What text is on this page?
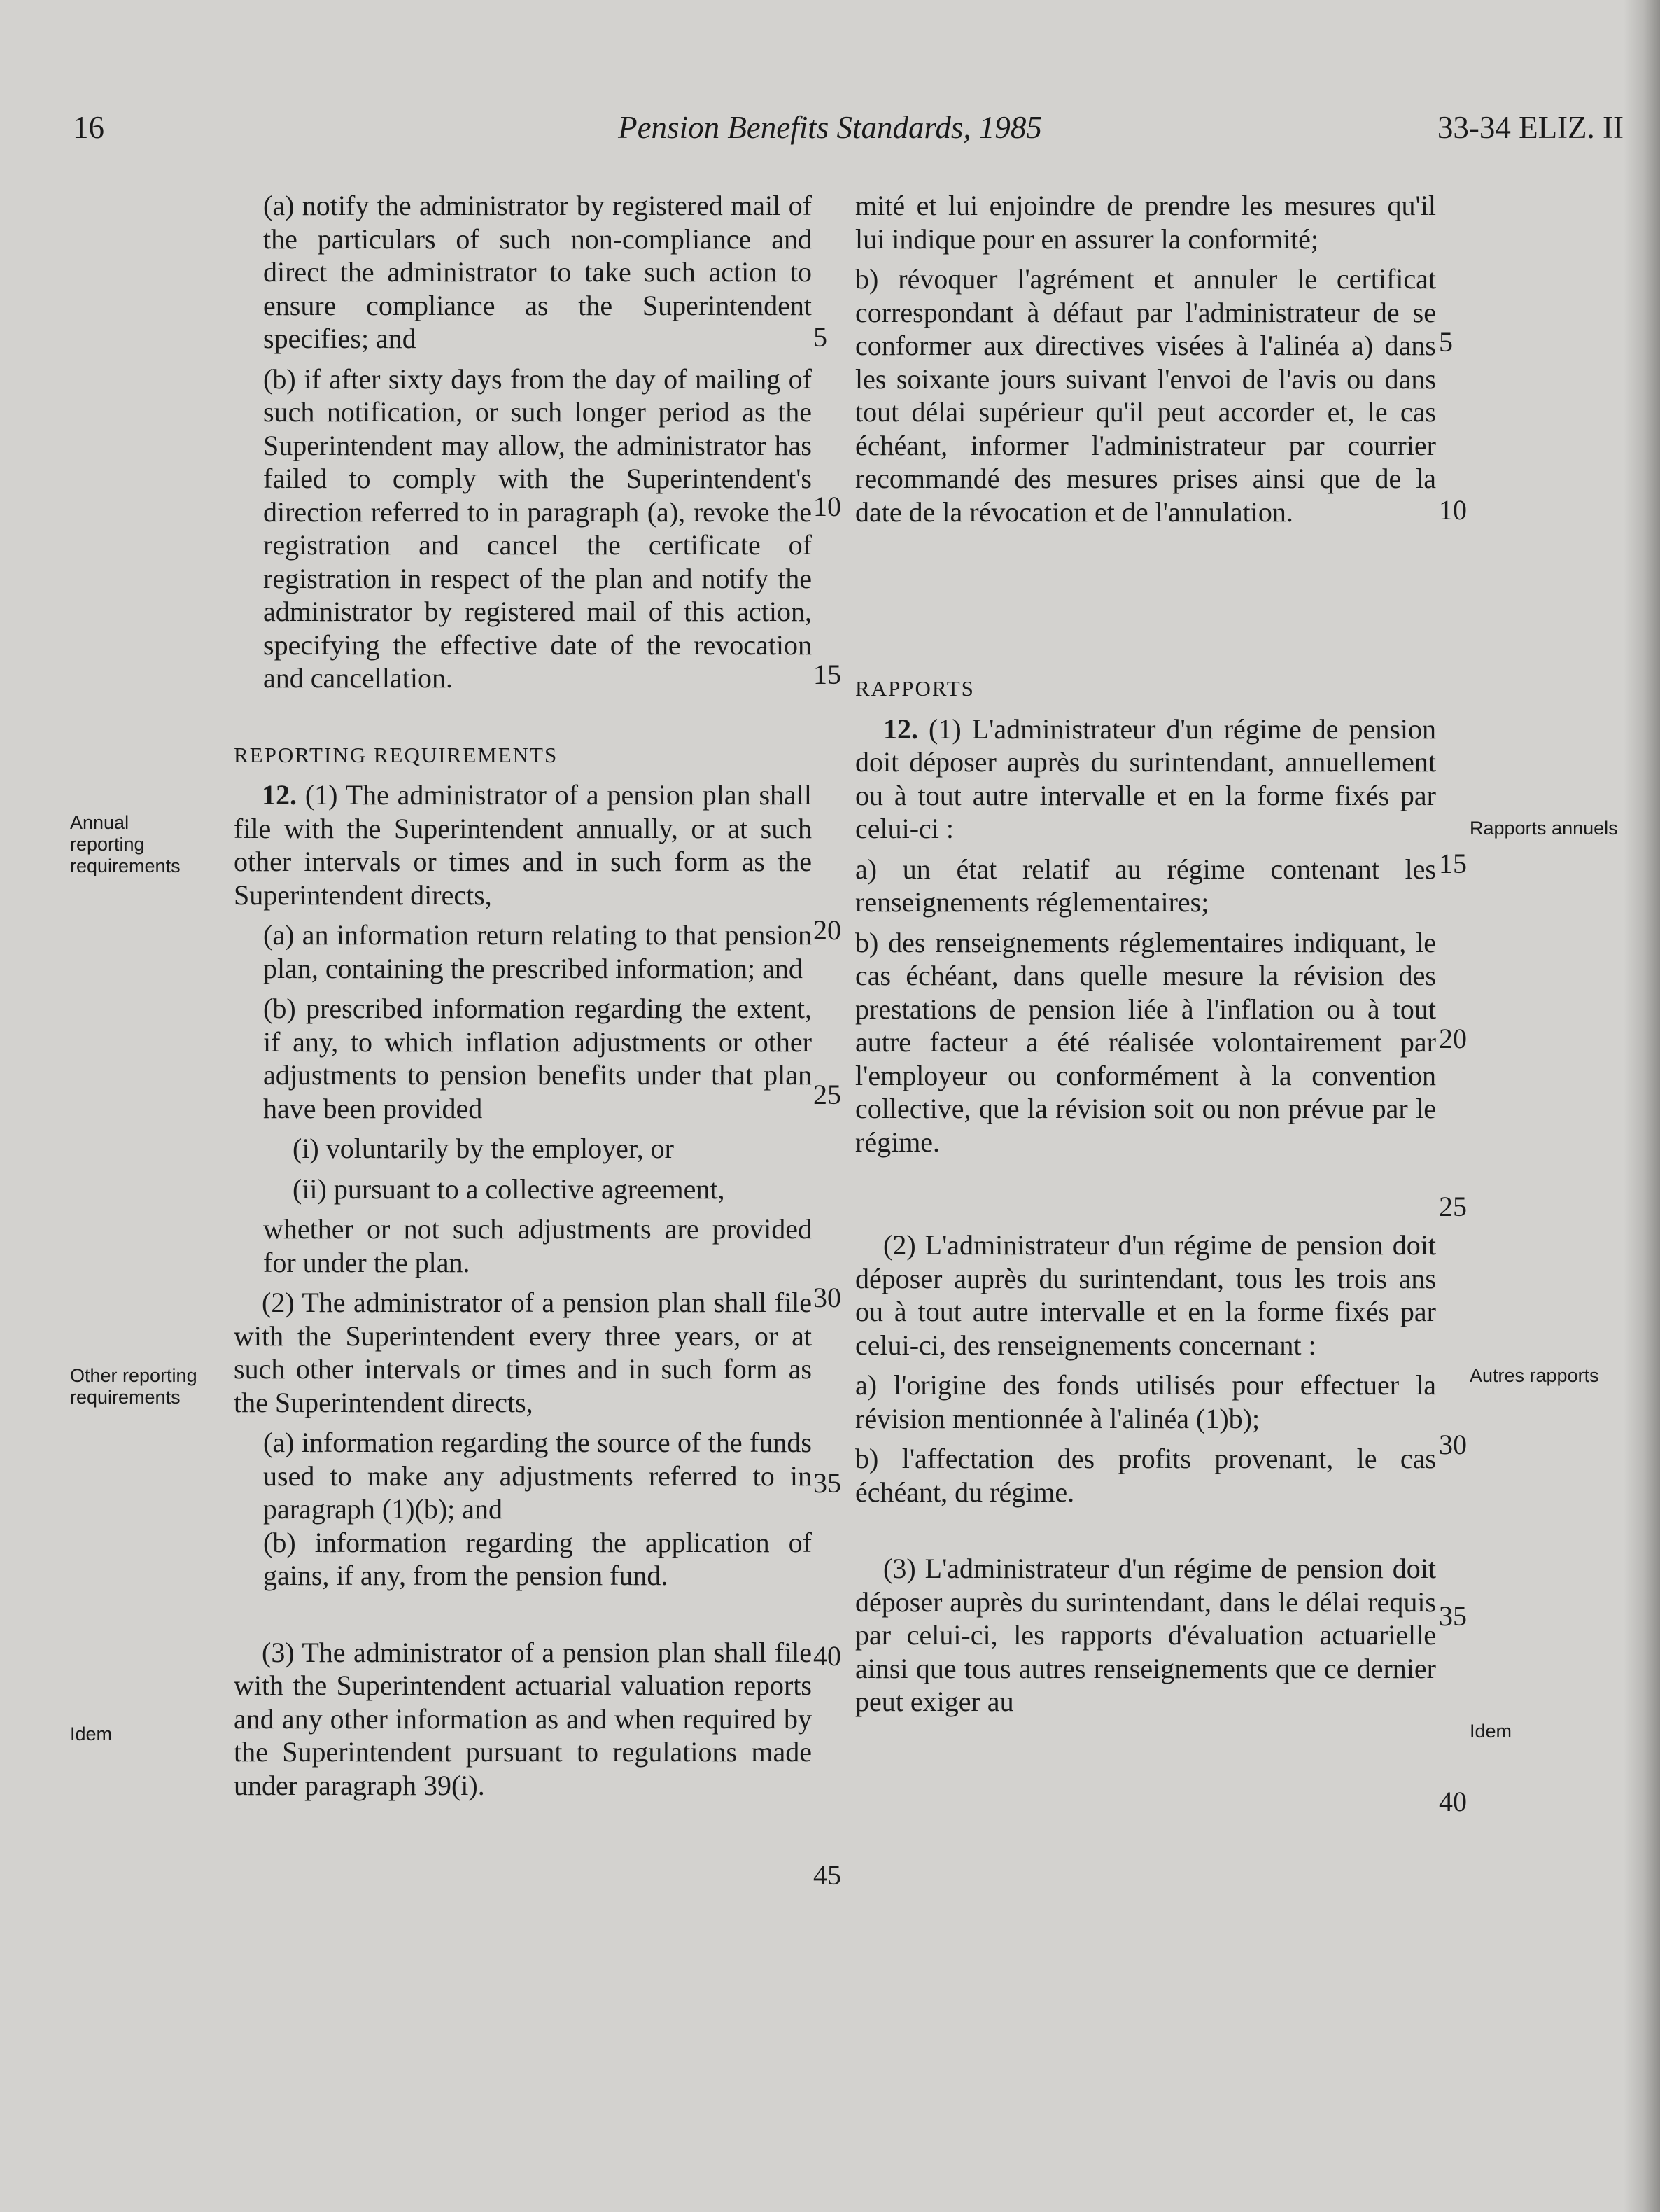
16	Pension Benefits Standards, 1985	33-34 ELIZ. II

(a) notify the administrator by registered mail of the particulars of such non-compliance and direct the administrator to take such action to ensure compliance as the Superintendent specifies; and

(b) if after sixty days from the day of mailing of such notification, or such longer period as the Superintendent may allow, the administrator has failed to comply with the Superintendent's direction referred to in paragraph (a), revoke the registration and cancel the certificate of registration in respect of the plan and notify the administrator by registered mail of this action, specifying the effective date of the revocation and cancellation.

REPORTING REQUIREMENTS

 12. (1) The administrator of a pension plan shall file with the Superintendent annually, or at such other intervals or times and in such form as the Superintendent directs,

(a) an information return relating to that pension plan, containing the prescribed information; and

(b) prescribed information regarding the extent, if any, to which inflation adjustments or other adjustments to pension benefits under that plan have been provided

(i) voluntarily by the employer, or

(ii) pursuant to a collective agreement,

whether or not such adjustments are provided for under the plan.

 (2) The administrator of a pension plan shall file with the Superintendent every three years, or at such other intervals or times and in such form as the Superintendent directs,

(a) information regarding the source of the funds used to make any adjustments referred to in paragraph (1)(b); and

(b) information regarding the application of gains, if any, from the pension fund.

 (3) The administrator of a pension plan shall file with the Superintendent actuarial valuation reports and any other information as and when required by the Superintendent pursuant to regulations made under paragraph 39(i).

mité et lui enjoindre de prendre les mesures qu'il lui indique pour en assurer la conformité;

b) révoquer l'agrément et annuler le certificat correspondant à défaut par l'administrateur de se conformer aux directives visées à l'alinéa a) dans les soixante jours suivant l'envoi de l'avis ou dans tout délai supérieur qu'il peut accorder et, le cas échéant, informer l'administrateur par courrier recommandé des mesures prises ainsi que de la date de la révocation et de l'annulation.

RAPPORTS

 12. (1) L'administrateur d'un régime de pension doit déposer auprès du surintendant, annuellement ou à tout autre intervalle et en la forme fixés par celui-ci :

a) un état relatif au régime contenant les renseignements réglementaires;

b) des renseignements réglementaires indiquant, le cas échéant, dans quelle mesure la révision des prestations de pension liée à l'inflation ou à tout autre facteur a été réalisée volontairement par l'employeur ou conformément à la convention collective, que la révision soit ou non prévue par le régime.

 (2) L'administrateur d'un régime de pension doit déposer auprès du surintendant, tous les trois ans ou à tout autre intervalle et en la forme fixés par celui-ci, des renseignements concernant :

a) l'origine des fonds utilisés pour effectuer la révision mentionnée à l'alinéa (1)b);

b) l'affectation des profits provenant, le cas échéant, du régime.

 (3) L'administrateur d'un régime de pension doit déposer auprès du surintendant, dans le délai requis par celui-ci, les rapports d'évaluation actuarielle ainsi que tous autres renseignements que ce dernier peut exiger au

5
10
15
20
25
30
35
40
45
5
10
15
20
25
30
35
40
Annual reporting requirements
Other reporting requirements
Idem
Rapports annuels
Autres rapports
Idem
